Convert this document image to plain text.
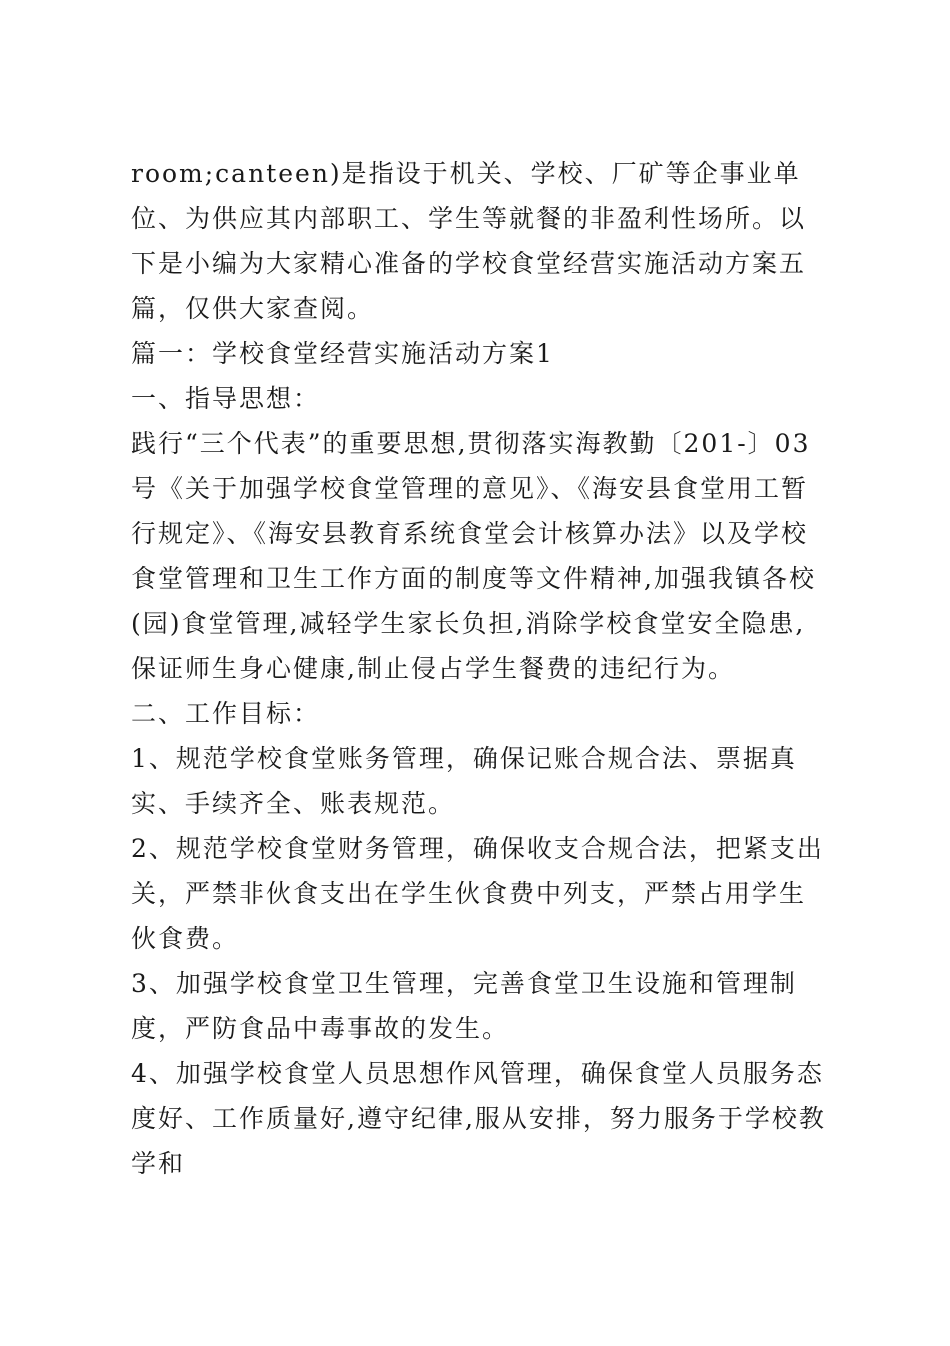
room;canteen)是指设于机关、学校、厂矿等企事业单位、为供应其内部职工、学生等就餐的非盈利性场所。以下是小编为大家精心准备的学校食堂经营实施活动方案五篇，仅供大家查阅。

篇一：学校食堂经营实施活动方案1

一、指导思想：

践行“三个代表”的重要思想,贯彻落实海教勤〔201-〕03号《关于加强学校食堂管理的意见》、《海安县食堂用工暂行规定》、《海安县教育系统食堂会计核算办法》以及学校食堂管理和卫生工作方面的制度等文件精神,加强我镇各校(园)食堂管理,减轻学生家长负担,消除学校食堂安全隐患,保证师生身心健康,制止侵占学生餐费的违纪行为。

二、工作目标：

1、规范学校食堂账务管理，确保记账合规合法、票据真实、手续齐全、账表规范。

2、规范学校食堂财务管理，确保收支合规合法，把紧支出关，严禁非伙食支出在学生伙食费中列支，严禁占用学生伙食费。

3、加强学校食堂卫生管理，完善食堂卫生设施和管理制度，严防食品中毒事故的发生。

4、加强学校食堂人员思想作风管理，确保食堂人员服务态度好、工作质量好,遵守纪律,服从安排，努力服务于学校教学和
